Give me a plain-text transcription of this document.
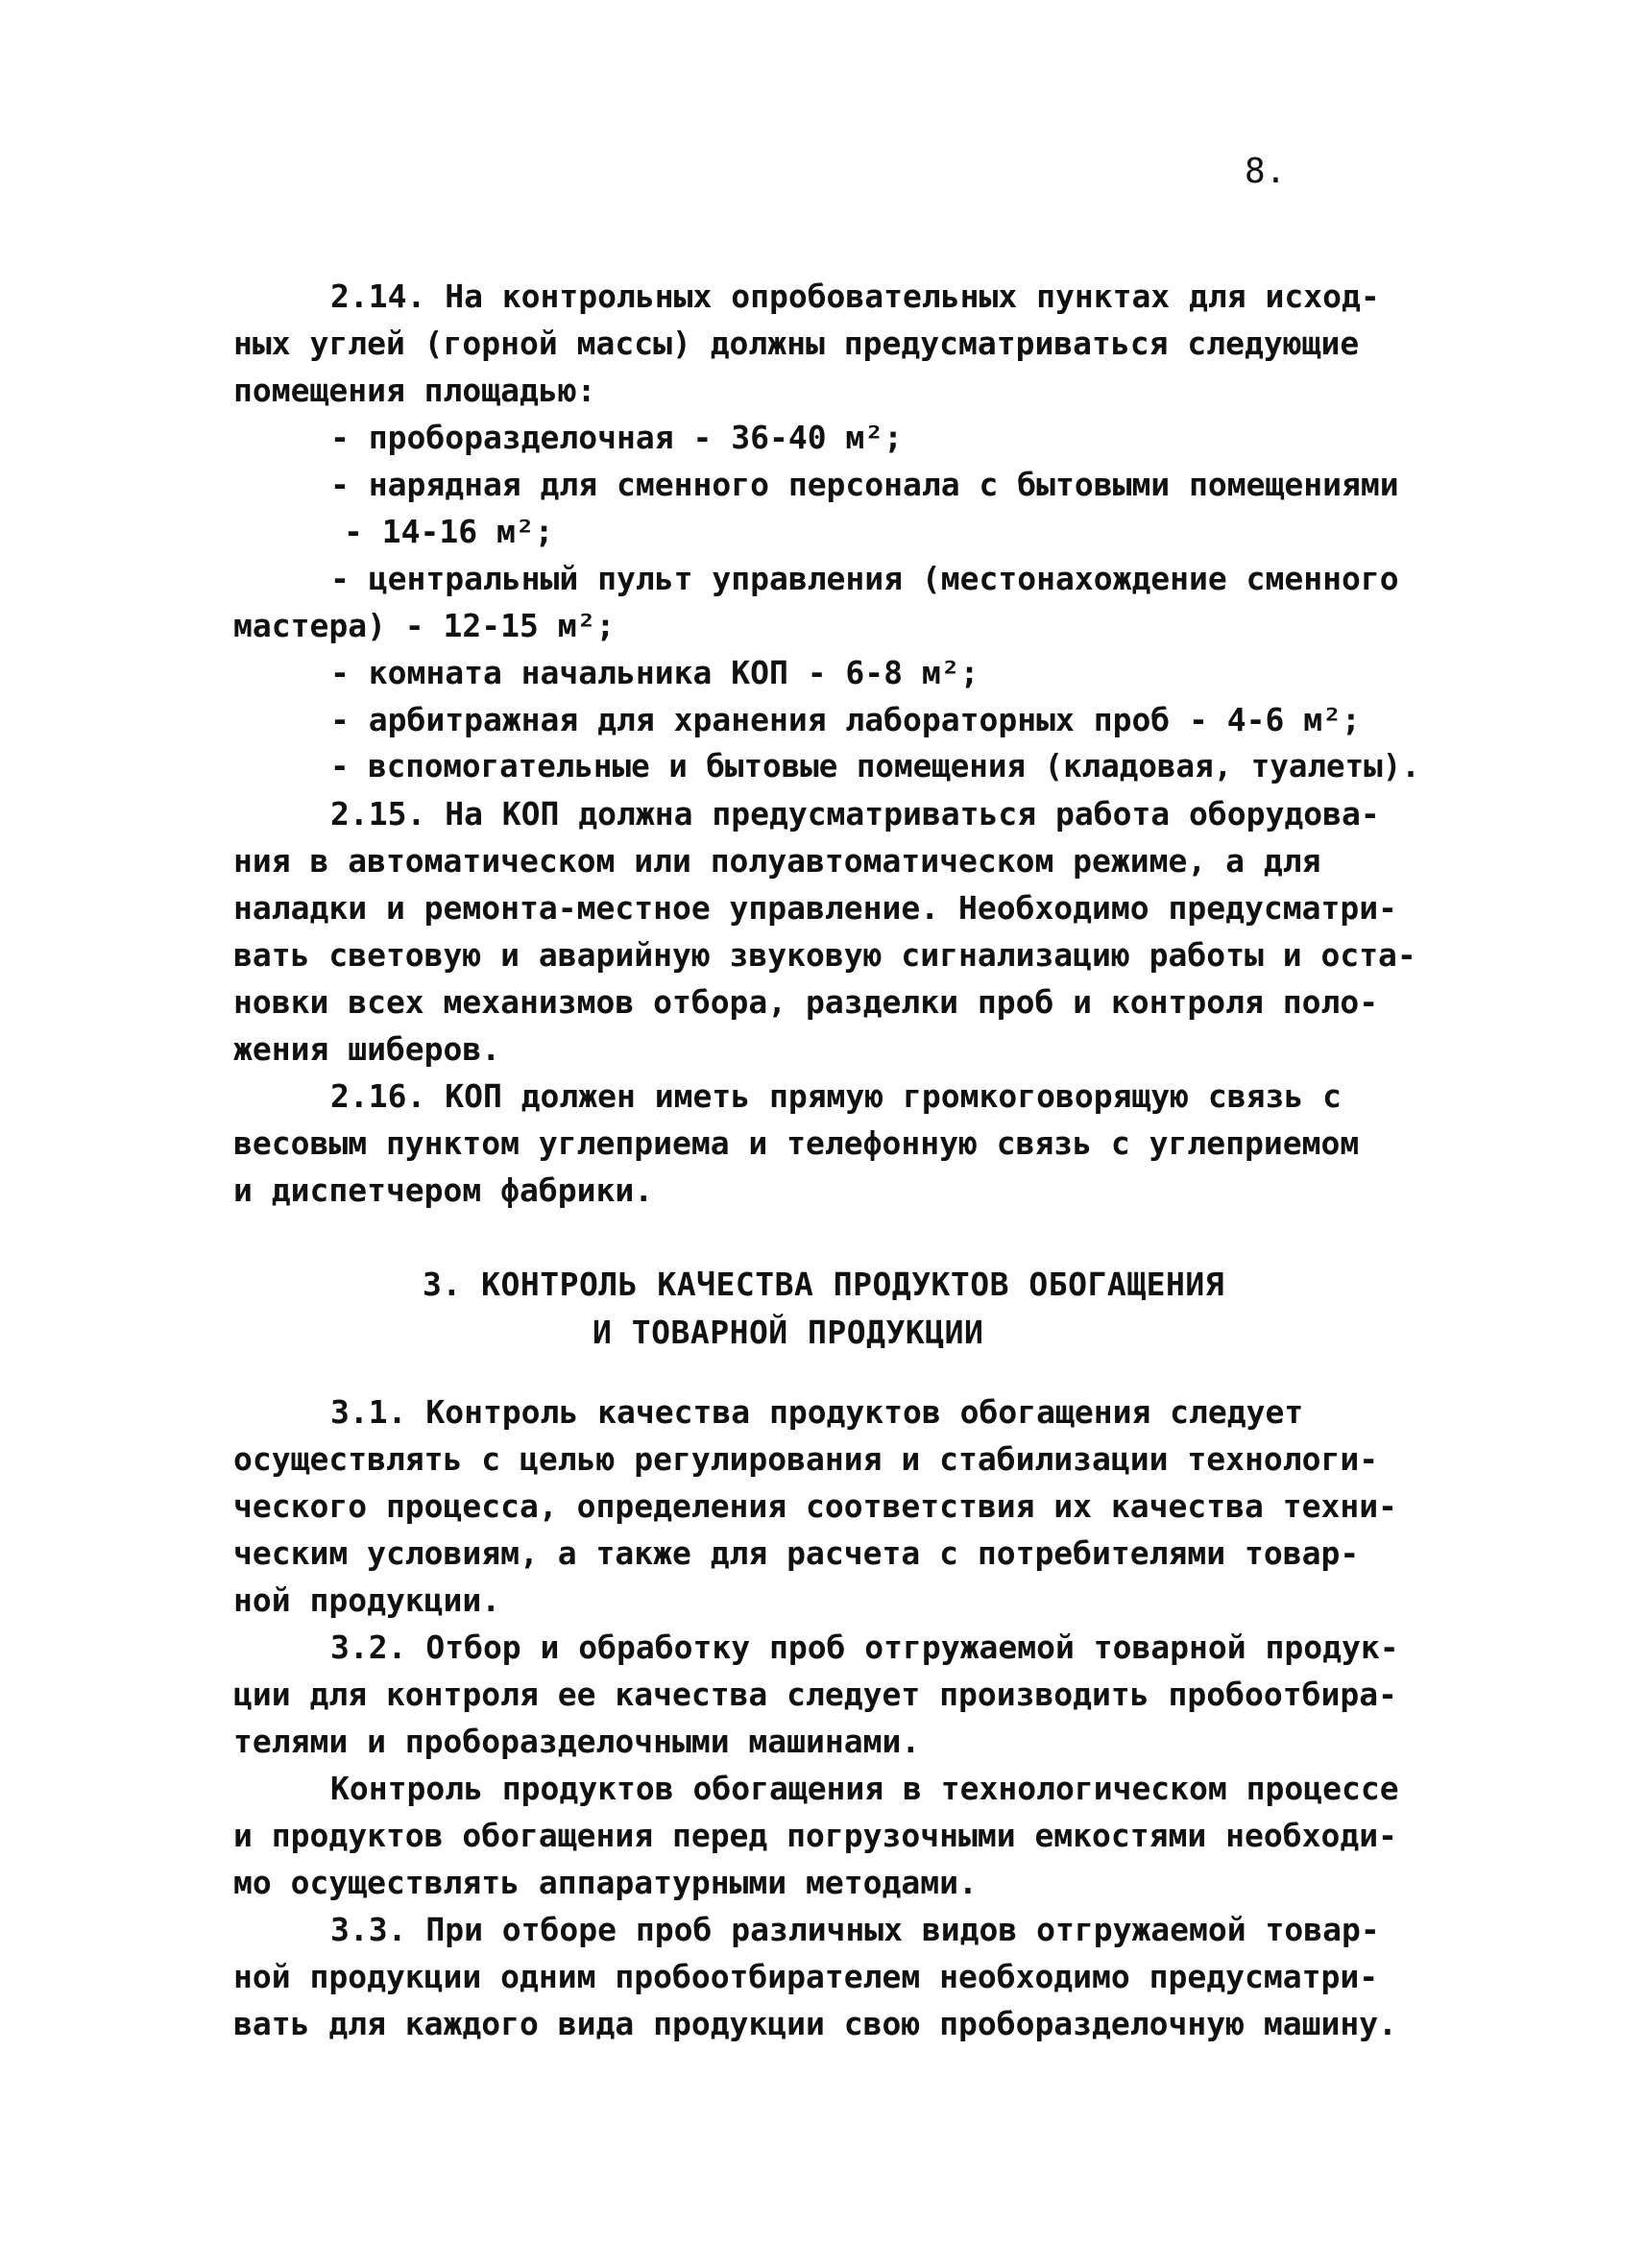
8.
2.14. На контрольных опробовательных пунктах для исход-
ных углей (горной массы) должны предусматриваться следующие
помещения площадью:
- проборазделочная - 36-40 м²;
- нарядная для сменного персонала с бытовыми помещениями
- 14-16 м²;
- центральный пульт управления (местонахождение сменного
мастера) - 12-15 м²;
- комната начальника КОП - 6-8 м²;
- арбитражная для хранения лабораторных проб - 4-6 м²;
- вспомогательные и бытовые помещения (кладовая, туалеты).
2.15. На КОП должна предусматриваться работа оборудова-
ния в автоматическом или полуавтоматическом режиме, а для
наладки и ремонта-местное управление. Необходимо предусматри-
вать световую и аварийную звуковую сигнализацию работы и оста-
новки всех механизмов отбора, разделки проб и контроля поло-
жения шиберов.
2.16. КОП должен иметь прямую громкоговорящую связь с
весовым пунктом углеприема и телефонную связь с углеприемом
и диспетчером фабрики.
3. КОНТРОЛЬ КАЧЕСТВА ПРОДУКТОВ ОБОГАЩЕНИЯ
И ТОВАРНОЙ ПРОДУКЦИИ
3.1. Контроль качества продуктов обогащения следует
осуществлять с целью регулирования и стабилизации технологи-
ческого процесса, определения соответствия их качества техни-
ческим условиям, а также для расчета с потребителями товар-
ной продукции.
3.2. Отбор и обработку проб отгружаемой товарной продук-
ции для контроля ее качества следует производить пробоотбира-
телями и проборазделочными машинами.
Контроль продуктов обогащения в технологическом процессе
и продуктов обогащения перед погрузочными емкостями необходи-
мо осуществлять аппаратурными методами.
3.3. При отборе проб различных видов отгружаемой товар-
ной продукции одним пробоотбирателем необходимо предусматри-
вать для каждого вида продукции свою проборазделочную машину.
